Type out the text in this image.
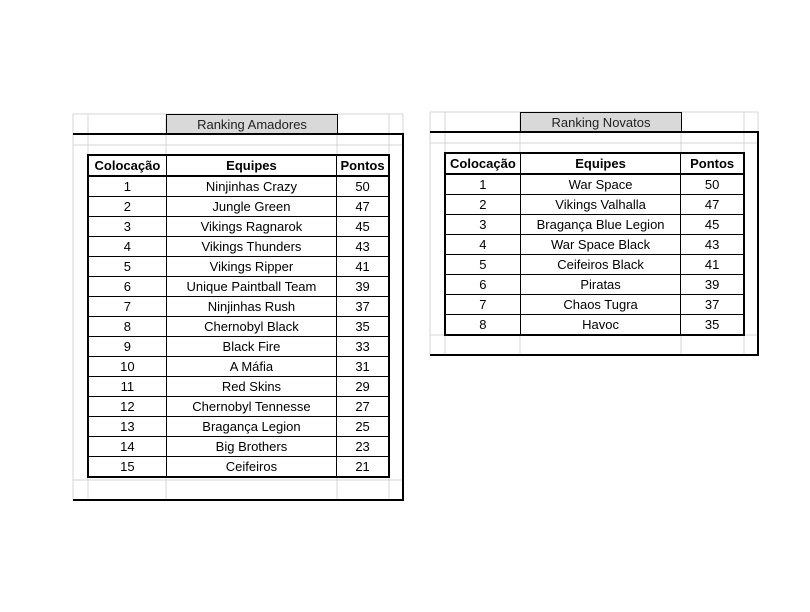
Ranking Amadores
Colocação	Equipes	Pontos
1	Ninjinhas Crazy	50
2	Jungle Green	47
3	Vikings Ragnarok	45
4	Vikings Thunders	43
5	Vikings Ripper	41
6	Unique Paintball Team	39
7	Ninjinhas Rush	37
8	Chernobyl Black	35
9	Black Fire	33
10	A Máfia	31
11	Red Skins	29
12	Chernobyl Tennesse	27
13	Bragança Legion	25
14	Big Brothers	23
15	Ceifeiros	21
Ranking Novatos
Colocação	Equipes	Pontos
1	War Space	50
2	Vikings Valhalla	47
3	Bragança Blue Legion	45
4	War Space Black	43
5	Ceifeiros Black	41
6	Piratas	39
7	Chaos Tugra	37
8	Havoc	35
